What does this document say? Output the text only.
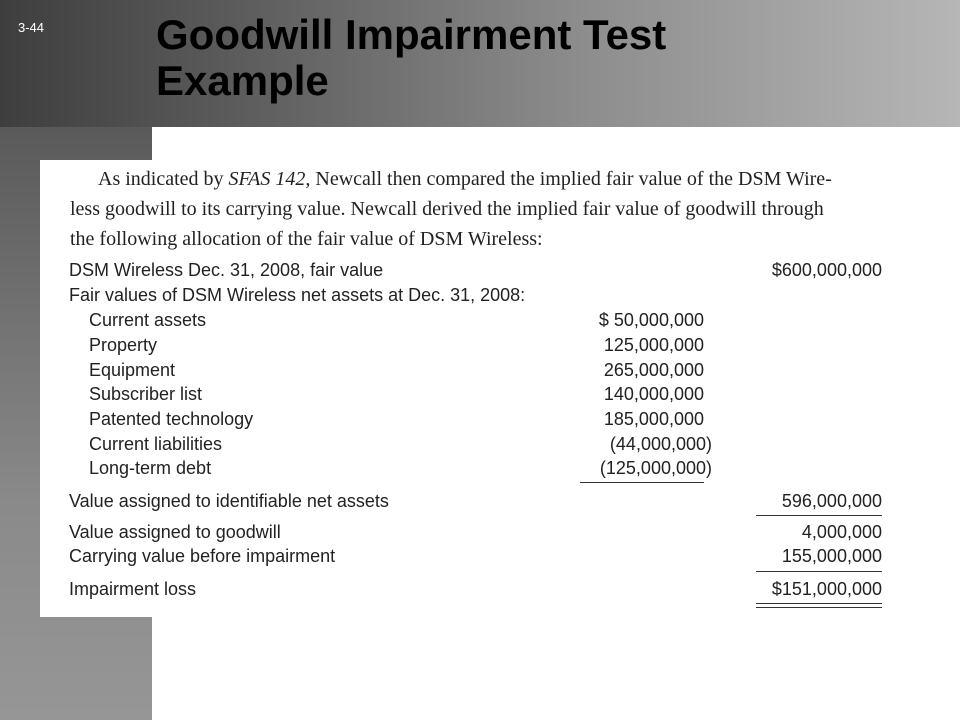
3-44	Goodwill Impairment Test
Example

As indicated by SFAS 142, Newcall then compared the implied fair value of the DSM Wire-
less goodwill to its carrying value. Newcall derived the implied fair value of goodwill through
the following allocation of the fair value of DSM Wireless:

DSM Wireless Dec. 31, 2008, fair value	$600,000,000
Fair values of DSM Wireless net assets at Dec. 31, 2008:
Current assets	$ 50,000,000
Property	125,000,000
Equipment	265,000,000
Subscriber list	140,000,000
Patented technology	185,000,000
Current liabilities	(44,000,000)
Long-term debt	(125,000,000)
Value assigned to identifiable net assets	596,000,000
Value assigned to goodwill	4,000,000
Carrying value before impairment	155,000,000
Impairment loss	$151,000,000
